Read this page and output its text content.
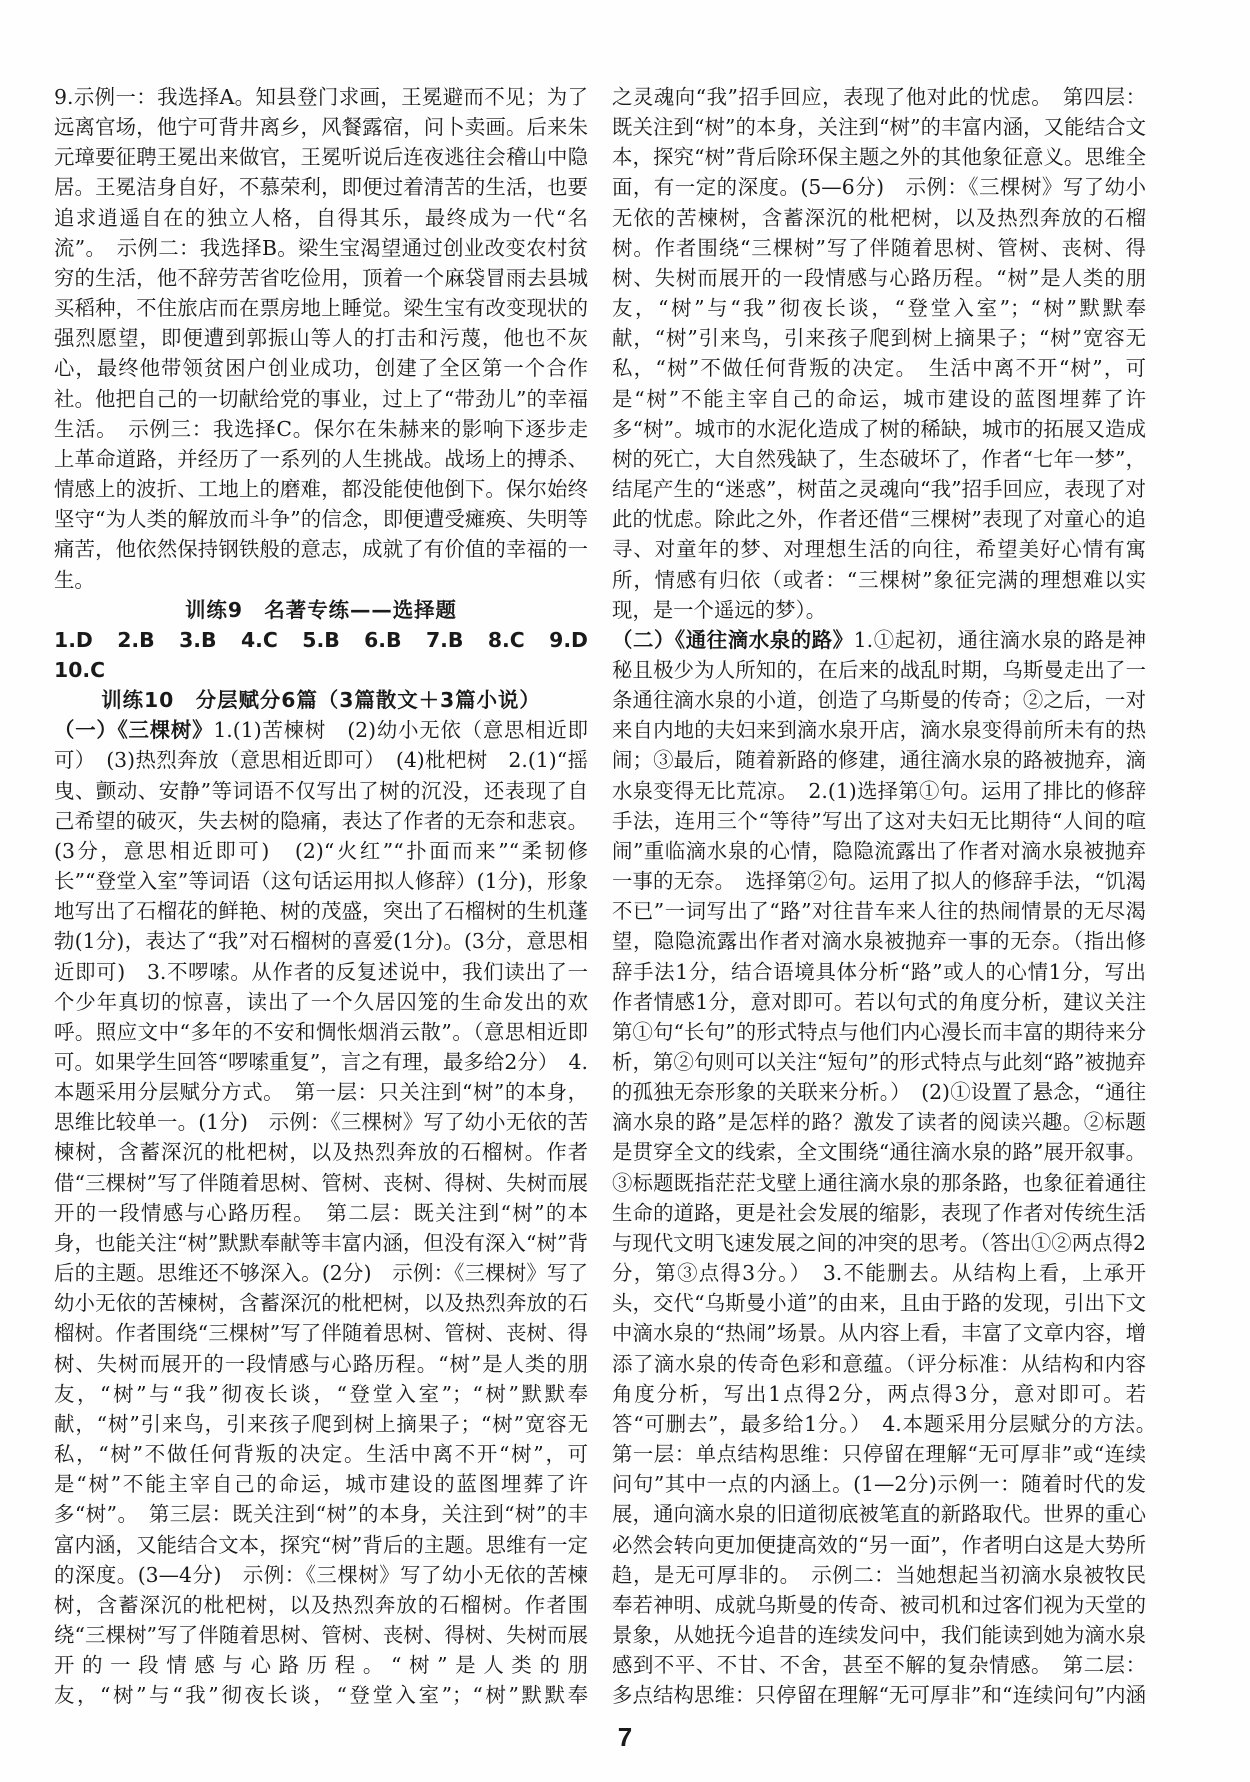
9.示例一：我选择A。知县登门求画，王冕避而不见；为了远离官场，他宁可背井离乡，风餐露宿，问卜卖画。后来朱元璋要征聘王冕出来做官，王冕听说后连夜逃往会稽山中隐居。王冕洁身自好，不慕荣利，即便过着清苦的生活，也要追求逍遥自在的独立人格，自得其乐，最终成为一代“名流”。　示例二：我选择B。梁生宝渴望通过创业改变农村贫穷的生活，他不辞劳苦省吃俭用，顶着一个麻袋冒雨去县城买稻种，不住旅店而在票房地上睡觉。梁生宝有改变现状的强烈愿望，即便遭到郭振山等人的打击和污蔑，他也不灰心，最终他带领贫困户创业成功，创建了全区第一个合作社。他把自己的一切献给党的事业，过上了“带劲儿”的幸福生活。　示例三：我选择C。保尔在朱赫来的影响下逐步走上革命道路，并经历了一系列的人生挑战。战场上的搏杀、情感上的波折、工地上的磨难，都没能使他倒下。保尔始终坚守“为人类的解放而斗争”的信念，即便遭受瘫痪、失明等痛苦，他依然保持钢铁般的意志，成就了有价值的幸福的一生。

训练9　名著专练——选择题

1.D　2.B　3.B　4.C　5.B　6.B　7.B　8.C　9.D　10.C

训练10　分层赋分6篇（3篇散文＋3篇小说）

（一）《三棵树》1.(1)苦楝树　(2)幼小无依（意思相近即可）　(3)热烈奔放（意思相近即可）　(4)枇杷树　2.(1)“摇曳、颤动、安静”等词语不仅写出了树的沉没，还表现了自己希望的破灭，失去树的隐痛，表达了作者的无奈和悲哀。(3分，意思相近即可)　(2)“火红”“扑面而来”“柔韧修长”“登堂入室”等词语（这句话运用拟人修辞）(1分)，形象地写出了石榴花的鲜艳、树的茂盛，突出了石榴树的生机蓬勃(1分)，表达了“我”对石榴树的喜爱(1分)。(3分，意思相近即可)　3.不啰嗦。从作者的反复述说中，我们读出了一个少年真切的惊喜，读出了一个久居囚笼的生命发出的欢呼。照应文中“多年的不安和惆怅烟消云散”。（意思相近即可。如果学生回答“啰嗦重复”，言之有理，最多给2分）　4.本题采用分层赋分方式。　第一层：只关注到“树”的本身，思维比较单一。(1分)　示例：《三棵树》写了幼小无依的苦楝树，含蓄深沉的枇杷树，以及热烈奔放的石榴树。作者借“三棵树”写了伴随着思树、管树、丧树、得树、失树而展开的一段情感与心路历程。　第二层：既关注到“树”的本身，也能关注“树”默默奉献等丰富内涵，但没有深入“树”背后的主题。思维还不够深入。(2分)　示例：《三棵树》写了幼小无依的苦楝树，含蓄深沉的枇杷树，以及热烈奔放的石榴树。作者围绕“三棵树”写了伴随着思树、管树、丧树、得树、失树而展开的一段情感与心路历程。“树”是人类的朋友，“树”与“我”彻夜长谈，“登堂入室”；“树”默默奉献，“树”引来鸟，引来孩子爬到树上摘果子；“树”宽容无私，“树”不做任何背叛的决定。生活中离不开“树”，可是“树”不能主宰自己的命运，城市建设的蓝图埋葬了许多“树”。　第三层：既关注到“树”的本身，关注到“树”的丰富内涵，又能结合文本，探究“树”背后的主题。思维有一定的深度。(3—4分)　示例：《三棵树》写了幼小无依的苦楝树，含蓄深沉的枇杷树，以及热烈奔放的石榴树。作者围绕“三棵树”写了伴随着思树、管树、丧树、得树、失树而展开的一段情感与心路历程。“树”是人类的朋友，“树”与“我”彻夜长谈，“登堂入室”；“树”默默奉

之灵魂向“我”招手回应，表现了他对此的忧虑。　第四层：既关注到“树”的本身，关注到“树”的丰富内涵，又能结合文本，探究“树”背后除环保主题之外的其他象征意义。思维全面，有一定的深度。(5—6分)　示例：《三棵树》写了幼小无依的苦楝树，含蓄深沉的枇杷树，以及热烈奔放的石榴树。作者围绕“三棵树”写了伴随着思树、管树、丧树、得树、失树而展开的一段情感与心路历程。“树”是人类的朋友，“树”与“我”彻夜长谈，“登堂入室”；“树”默默奉献，“树”引来鸟，引来孩子爬到树上摘果子；“树”宽容无私，“树”不做任何背叛的决定。　生活中离不开“树”，可是“树”不能主宰自己的命运，城市建设的蓝图埋葬了许多“树”。城市的水泥化造成了树的稀缺，城市的拓展又造成树的死亡，大自然残缺了，生态破坏了，作者“七年一梦”，结尾产生的“迷惑”，树苗之灵魂向“我”招手回应，表现了对此的忧虑。除此之外，作者还借“三棵树”表现了对童心的追寻、对童年的梦、对理想生活的向往，希望美好心情有寓所，情感有归依（或者：“三棵树”象征完满的理想难以实现，是一个遥远的梦）。

（二）《通往滴水泉的路》1.①起初，通往滴水泉的路是神秘且极少为人所知的，在后来的战乱时期，乌斯曼走出了一条通往滴水泉的小道，创造了乌斯曼的传奇；②之后，一对来自内地的夫妇来到滴水泉开店，滴水泉变得前所未有的热闹；③最后，随着新路的修建，通往滴水泉的路被抛弃，滴水泉变得无比荒凉。　2.(1)选择第①句。运用了排比的修辞手法，连用三个“等待”写出了这对夫妇无比期待“人间的喧闹”重临滴水泉的心情，隐隐流露出了作者对滴水泉被抛弃一事的无奈。　选择第②句。运用了拟人的修辞手法，“饥渴不已”一词写出了“路”对往昔车来人往的热闹情景的无尽渴望，隐隐流露出作者对滴水泉被抛弃一事的无奈。（指出修辞手法1分，结合语境具体分析“路”或人的心情1分，写出作者情感1分，意对即可。若以句式的角度分析，建议关注第①句“长句”的形式特点与他们内心漫长而丰富的期待来分析，第②句则可以关注“短句”的形式特点与此刻“路”被抛弃的孤独无奈形象的关联来分析。）　(2)①设置了悬念，“通往滴水泉的路”是怎样的路？激发了读者的阅读兴趣。②标题是贯穿全文的线索，全文围绕“通往滴水泉的路”展开叙事。③标题既指茫茫戈壁上通往滴水泉的那条路，也象征着通往生命的道路，更是社会发展的缩影，表现了作者对传统生活与现代文明飞速发展之间的冲突的思考。（答出①②两点得2分，第③点得3分。）　3.不能删去。从结构上看，上承开头，交代“乌斯曼小道”的由来，且由于路的发现，引出下文中滴水泉的“热闹”场景。从内容上看，丰富了文章内容，增添了滴水泉的传奇色彩和意蕴。（评分标准：从结构和内容角度分析，写出1点得2分，两点得3分，意对即可。若答“可删去”，最多给1分。）　4.本题采用分层赋分的方法。　第一层：单点结构思维：只停留在理解“无可厚非”或“连续问句”其中一点的内涵上。(1—2分)示例一：随着时代的发展，通向滴水泉的旧道彻底被笔直的新路取代。世界的重心必然会转向更加便捷高效的“另一面”，作者明白这是大势所趋，是无可厚非的。　示例二：当她想起当初滴水泉被牧民奉若神明、成就乌斯曼的传奇、被司机和过客们视为天堂的景象，从她抚今追昔的连续发问中，我们能读到她为滴水泉感到不平、不甘、不舍，甚至不解的复杂情感。　第二层：多点结构思维：只停留在理解“无可厚非”和“连续问句”内涵

7
